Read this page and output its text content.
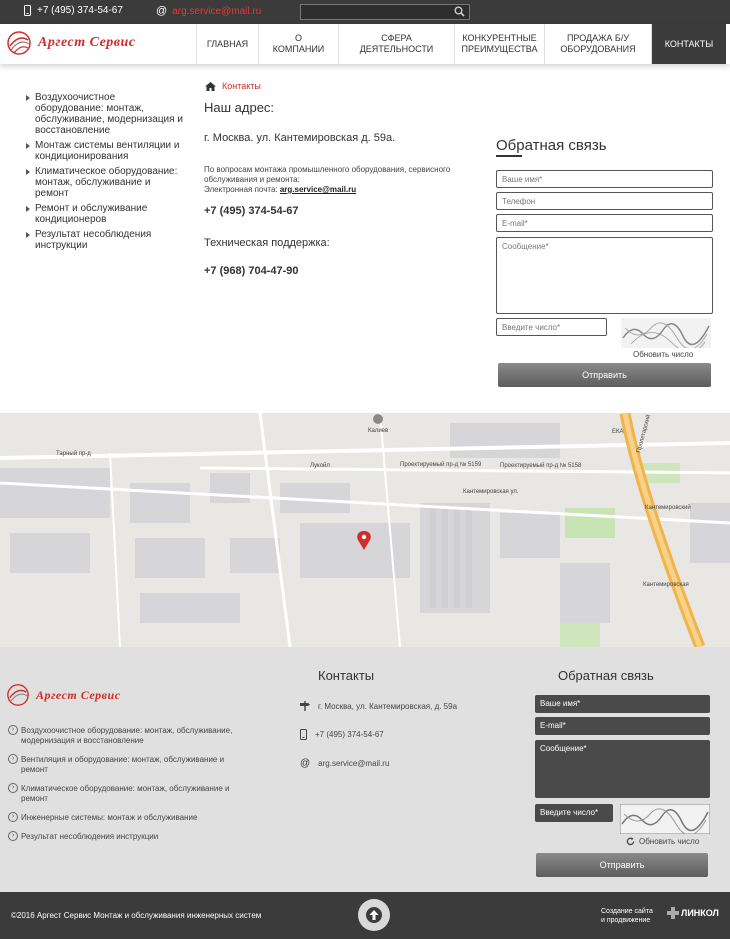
+7 (495) 374-54-67	@ arg.service@mail.ru
Аргест Сервис	ГЛАВНАЯ
О КОМПАНИИ
СФЕРА ДЕЯТЕЛЬНОСТИ
КОНКУРЕНТНЫЕ ПРЕИМУЩЕСТВА
ПРОДАЖА Б/У ОБОРУДОВАНИЯ
КОНТАКТЫ
Воздухоочистное оборудование: монтаж, обслуживание, модернизация и восстановление
Монтаж системы вентиляции и кондиционирования
Климатическое оборудование: монтаж, обслуживание и ремонт
Ремонт и обслуживание кондиционеров
Результат несоблюдения инструкции
Контакты
Наш адрес:
г. Москва. ул. Кантемировская д. 59а.
По вопросам монтажа промышленного оборудования, сервисного обслуживания и ремонта:
Электронная почта: arg.service@mail.ru
+7 (495) 374-54-67
Техническая поддержка:
+7 (968) 704-47-90
Обратная связь
Ваше имя*
Телефон
E-mail*
Сообщение*
Введите число*
Обновить число
Отправить
Тарный пр-д
Лукойл
Калиев
Проектируемый пр-д № 5159	Проектируемый пр-д № 5158
Кантемировская ул.
Кантемировский
Кантемировская
ЕКА Пролетарский
Аргест Сервис
› Воздухоочистное оборудование: монтаж, обслуживание, модернизация и восстановление
› Вентиляция и оборудование: монтаж, обслуживание и ремонт
› Климатическое оборудование: монтаж, обслуживание и ремонт
› Инженерные системы: монтаж и обслуживание
› Результат несоблюдения инструкции
Контакты
г. Москва, ул. Кантемировская, д. 59а
+7 (495) 374-54-67
@ arg.service@mail.ru
Обратная связь
Ваше имя*
E-mail*
Сообщение*
Введите число*
Обновить число
Отправить
©2016 Аргест Сервис Монтаж и обслуживания инженерных систем	Создание сайта
и продвижение
ЛИНКОЛ
